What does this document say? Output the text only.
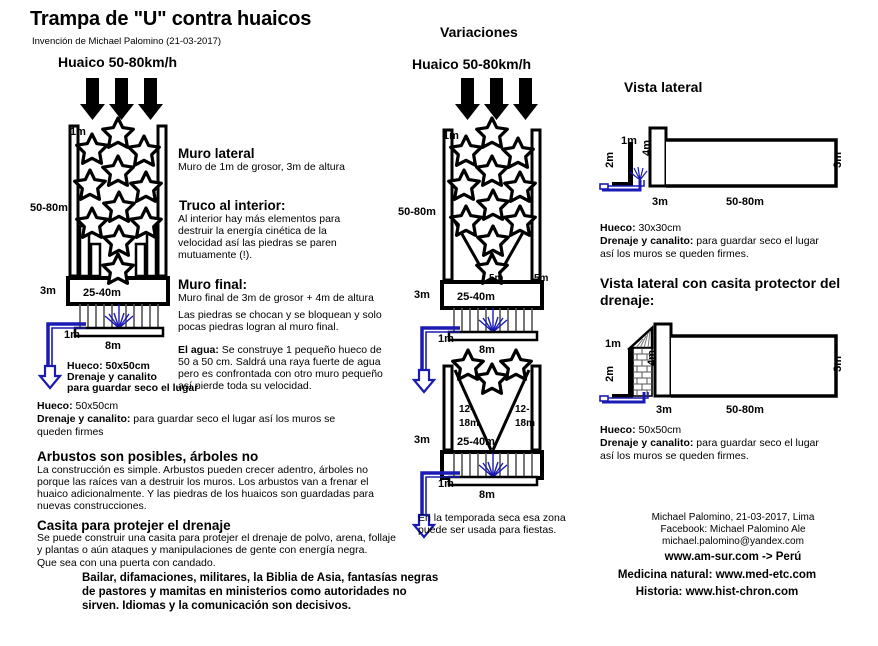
Trampa de "U" contra huaicos
Invención de Michael Palomino (21-03-2017)
Huaico 50-80km/h
1m
50-80m
3m 25-40m
1m
8m
Hueco: 50x50cm
Drenaje y canalito
para guardar seco el lugar
Muro lateral
Muro de 1m de grosor, 3m de altura
Truco al interior:
Al interior hay más elementos para
destruir la energía cinética de la
velocidad así las piedras se paren
mutuamente (!).
Muro final:
Muro final de 3m de grosor + 4m de altura
Las piedras se chocan y se bloquean y solo
pocas piedras logran al muro final.
El agua: Se construye 1 pequeño hueco de
50 a 50 cm. Saldrá una raya fuerte de agua
pero es confrontada con otro muro pequeño
así pierde toda su velocidad.
Hueco: 50x50cm
Drenaje y canalito: para guardar seco el lugar así los muros se
queden firmes
Arbustos son posibles, árboles no
La construcción es simple. Arbustos pueden crecer adentro, árboles no
porque las raíces van a destruir los muros. Los arbustos van a frenar el
huaico adicionalmente. Y las piedras de los huaicos son guardadas para
nuevas construcciones.
Casita para protejer el drenaje
Se puede construir una casita para protejer el drenaje de polvo, arena, follaje
y plantas o aún ataques y manipulaciones de gente con energía negra.
Que sea con una puerta con candado.
Bailar, difamaciones, militares, la Biblia de Asia, fantasías negras
de pastores y mamitas en ministerios como autoridades no
sirven. Idiomas y la comunicación son decisivos.
Variaciones
Huaico 50-80km/h
1m
50-80m
5m	5m
3m 25-40m
1m
8m
12-
18m
12-
18m
3m 25-40m
1m
8m
En la temporada seca esa zona
puede ser usada para fiestas.
Vista lateral
1m
2m
4m
3m	50-80m
3m
Hueco: 30x30cm
Drenaje y canalito: para guardar seco el lugar
así los muros se queden firmes.
Vista lateral con casita protector del
drenaje:
1m
2m
4m
3m	50-80m
3m
Hueco: 50x50cm
Drenaje y canalito: para guardar seco el lugar
así los muros se queden firmes.
Michael Palomino, 21-03-2017, Lima
Facebook: Michael Palomino Ale
michael.palomino@yandex.com
www.am-sur.com -> Perú
Medicina natural: www.med-etc.com
Historia: www.hist-chron.com
